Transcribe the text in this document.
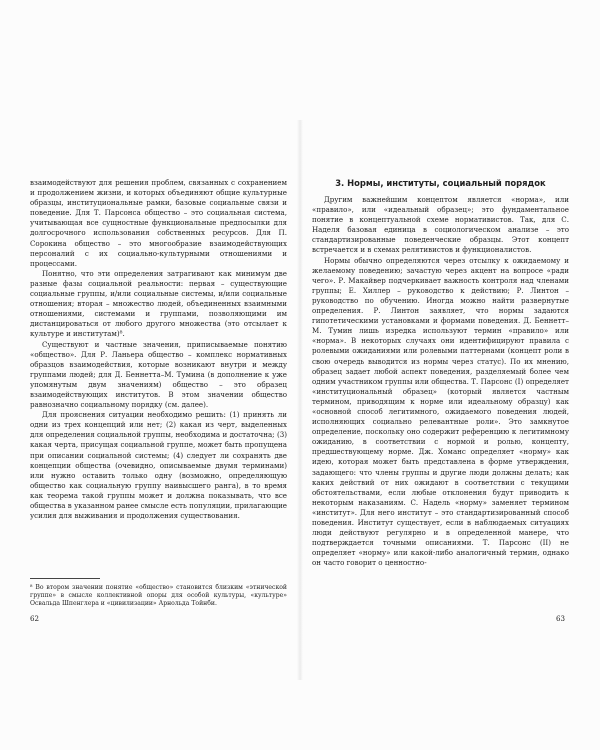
взаимодействуют для решения проблем, связанных с сохранением и продолжением жизни, и которых объединяют общие культурные образцы, институциональные рамки, базовые социальные связи и поведение. Для Т. Парсонса общество – это социальная система, учитывающая все сущностные функциональные предпосылки для долгосрочного использования собственных ресурсов. Для П. Сорокина общество – это многообразие взаимодействующих персоналий с их социально-культурными отношениями и процессами.

Понятно, что эти определения затрагивают как минимум две разные фазы социальной реальности: первая – существующие социальные группы, и/или социальные системы, и/или социальные отношения; вторая – множество людей, объединенных взаимными отношениями, системами и группами, позволяющими им дистанцироваться от любого другого множества (это отсылает к культуре и институтам)⁸.

Существуют и частные значения, приписываемые понятию «общество». Для Р. Ланьера общество – комплекс нормативных образцов взаимодействия, которые возникают внутри и между группами людей; для Д. Беннетта–М. Тумина (в дополнение к уже упомянутым двум значениям) общество – это образец взаимодействующих институтов. В этом значении общество равнозначно социальному порядку (см. далее).

Для прояснения ситуации необходимо решить: (1) принять ли одни из трех концепций или нет; (2) какая из черт, выделенных для определения социальной группы, необходима и достаточна; (3) какая черта, присущая социальной группе, может быть пропущена при описании социальной системы; (4) следует ли сохранять две концепции общества (очевидно, описываемые двумя терминами) или нужно оставить только одну (возможно, определяющую общество как социальную группу наивысшего ранга), в то время как теорема такой группы может и должна показывать, что все общества в указанном ранее смысле есть популяции, прилагающие усилия для выживания и продолжения существования.

⁸ Во втором значении понятие «общество» становится близким «этнической группе» в смысле коллективной опоры для особой культуры, «культуре» Освальда Шпенглера и «цивилизации» Арнольда Тойнби.
62
3. Нормы, институты, социальный порядок

Другим важнейшим концептом является «норма», или «правило», или «идеальный образец»; это фундаментальное понятие в концептуальной схеме нормативистов. Так, для С. Наделя базовая единица в социологическом анализе – это стандартизированные поведенческие образцы. Этот концепт встречается и в схемах релятивистов и функционалистов.

Нормы обычно определяются через отсылку к ожидаемому и желаемому поведению; зачастую через акцент на вопросе «ради чего». Р. Макайвер подчеркивает важность контроля над членами группы; Е. Хиллер – руководство к действию; Р. Линтон – руководство по обучению. Иногда можно найти развернутые определения. Р. Линтон заявляет, что нормы задаются гипотетическими установками и формами поведения. Д. Беннетт–М. Тумин лишь изредка используют термин «правило» или «норма». В некоторых случаях они идентифицируют правила с ролевыми ожиданиями или ролевыми паттернами (концепт роли в свою очередь выводится из нормы через статус). По их мнению, образец задает любой аспект поведения, разделяемый более чем одним участником группы или общества. Т. Парсонс (I) определяет «институциональный образец» (который является частным термином, приводящим к норме или идеальному образцу) как «основной способ легитимного, ожидаемого поведения людей, исполняющих социально релевантные роли». Это замкнутое определение, поскольку оно содержит референцию к легитимному ожиданию, в соответствии с нормой и ролью, концепту, предшествующему норме. Дж. Хоманс определяет «норму» как идею, которая может быть представлена в форме утверждения, задающего: что члены группы и другие люди должны делать; как каких действий от них ожидают в соответствии с текущими обстоятельствами, если любые отклонения будут приводить к некоторым наказаниям. С. Надель «норму» заменяет термином «институт». Для него институт – это стандартизированный способ поведения. Институт существует, если в наблюдаемых ситуациях люди действуют регулярно и в определенной манере, что подтверждается точными описаниями. Т. Парсонс (II) не определяет «норму» или какой-либо аналогичный термин, однако он часто говорит о ценностно-

63
